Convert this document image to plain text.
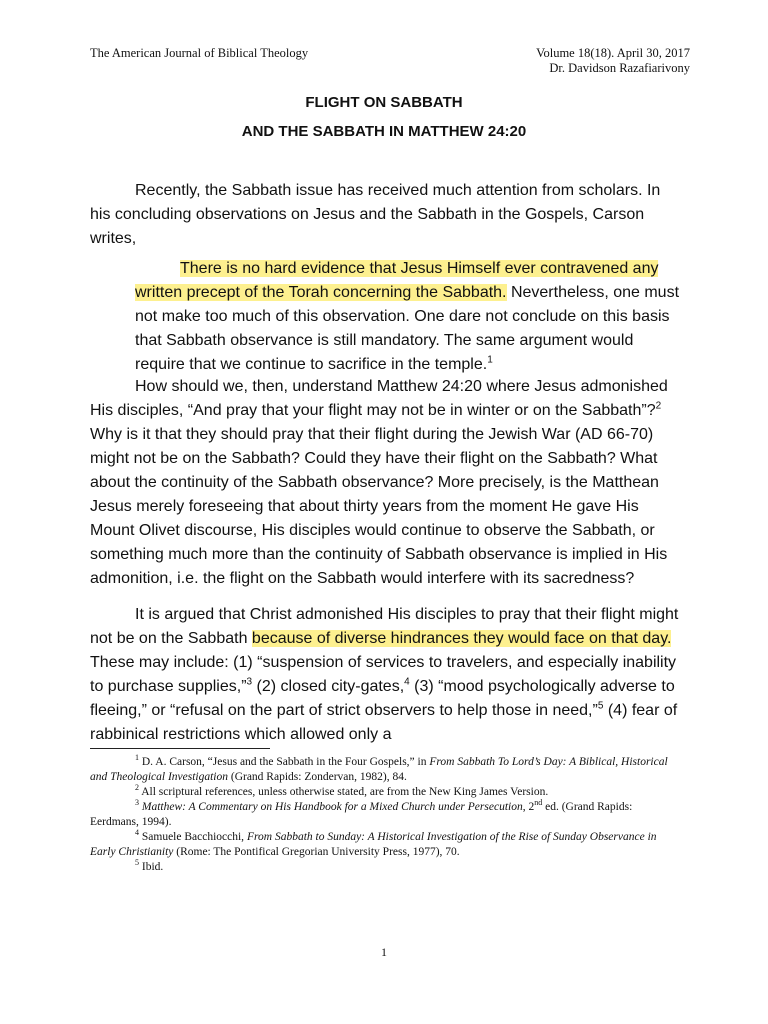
The American Journal of Biblical Theology	Volume 18(18). April 30, 2017
Dr. Davidson Razafiarivony
FLIGHT ON SABBATH
AND THE SABBATH IN MATTHEW 24:20

Recently, the Sabbath issue has received much attention from scholars. In his concluding observations on Jesus and the Sabbath in the Gospels, Carson writes,

There is no hard evidence that Jesus Himself ever contravened any written precept of the Torah concerning the Sabbath. Nevertheless, one must not make too much of this observation. One dare not conclude on this basis that Sabbath observance is still mandatory. The same argument would require that we continue to sacrifice in the temple.$^1$

How should we, then, understand Matthew 24:20 where Jesus admonished His disciples, “And pray that your flight may not be in winter or on the Sabbath”?$^2$ Why is it that they should pray that their flight during the Jewish War (AD 66-70) might not be on the Sabbath? Could they have their flight on the Sabbath? What about the continuity of the Sabbath observance? More precisely, is the Matthean Jesus merely foreseeing that about thirty years from the moment He gave His Mount Olivet discourse, His disciples would continue to observe the Sabbath, or something much more than the continuity of Sabbath observance is implied in His admonition, i.e. the flight on the Sabbath would interfere with its sacredness?

It is argued that Christ admonished His disciples to pray that their flight might not be on the Sabbath because of diverse hindrances they would face on that day. These may include: (1) “suspension of services to travelers, and especially inability to purchase supplies,”$^3$ (2) closed city-gates,$^4$ (3) “mood psychologically adverse to fleeing,” or “refusal on the part of strict observers to help those in need,”$^5$ (4) fear of rabbinical restrictions which allowed only a

$^1$ D. A. Carson, “Jesus and the Sabbath in the Four Gospels,” in From Sabbath To Lord’s Day: A Biblical, Historical and Theological Investigation (Grand Rapids: Zondervan, 1982), 84.

$^2$ All scriptural references, unless otherwise stated, are from the New King James Version.

$^3$ Matthew: A Commentary on His Handbook for a Mixed Church under Persecution, 2nd ed. (Grand Rapids: Eerdmans, 1994).

$^4$ Samuele Bacchiocchi, From Sabbath to Sunday: A Historical Investigation of the Rise of Sunday Observance in Early Christianity (Rome: The Pontifical Gregorian University Press, 1977), 70.

$^5$ Ibid.

1
